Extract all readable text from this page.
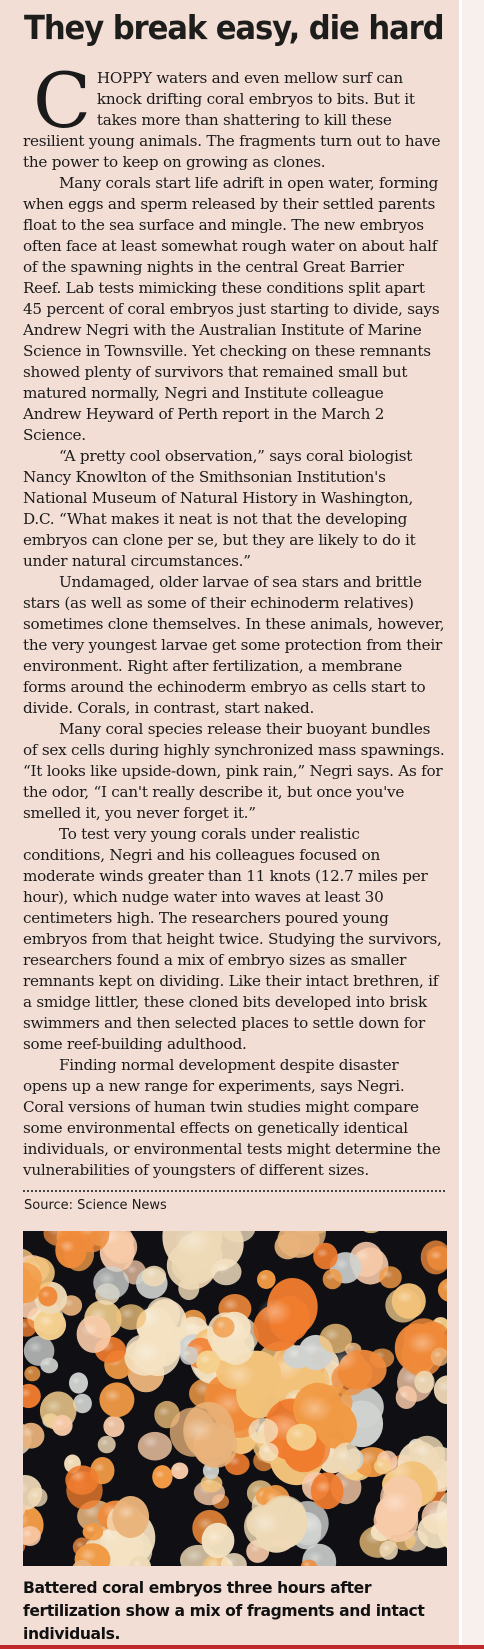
They break easy, die hard

CHOPPY waters and even mellow surf can knock drifting coral embryos to bits. But it takes more than shattering to kill these resilient young animals. The fragments turn out to have the power to keep on growing as clones.

Many corals start life adrift in open water, forming when eggs and sperm released by their settled parents float to the sea surface and mingle. The new embryos often face at least somewhat rough water on about half of the spawning nights in the central Great Barrier Reef. Lab tests mimicking these conditions split apart 45 percent of coral embryos just starting to divide, says Andrew Negri with the Australian Institute of Marine Science in Townsville. Yet checking on these remnants showed plenty of survivors that remained small but matured normally, Negri and Institute colleague Andrew Heyward of Perth report in the March 2 Science.

“A pretty cool observation,” says coral biologist Nancy Knowlton of the Smithsonian Institution's National Museum of Natural History in Washington, D.C. “What makes it neat is not that the developing embryos can clone per se, but they are likely to do it under natural circumstances.”

Undamaged, older larvae of sea stars and brittle stars (as well as some of their echinoderm relatives) sometimes clone themselves. In these animals, however, the very youngest larvae get some protection from their environment. Right after fertilization, a membrane forms around the echinoderm embryo as cells start to divide. Corals, in contrast, start naked.

Many coral species release their buoyant bundles of sex cells during highly synchronized mass spawnings. “It looks like upside-down, pink rain,” Negri says. As for the odor, “I can't really describe it, but once you've smelled it, you never forget it.”

To test very young corals under realistic conditions, Negri and his colleagues focused on moderate winds greater than 11 knots (12.7 miles per hour), which nudge water into waves at least 30 centimeters high. The researchers poured young embryos from that height twice. Studying the survivors, researchers found a mix of embryo sizes as smaller remnants kept on dividing. Like their intact brethren, if a smidge littler, these cloned bits developed into brisk swimmers and then selected places to settle down for some reef-building adulthood.

Finding normal development despite disaster opens up a new range for experiments, says Negri. Coral versions of human twin studies might compare some environmental effects on genetically identical individuals, or environmental tests might determine the vulnerabilities of youngsters of different sizes.

Source: Science News
Battered coral embryos three hours after fertilization show a mix of fragments and intact individuals.
